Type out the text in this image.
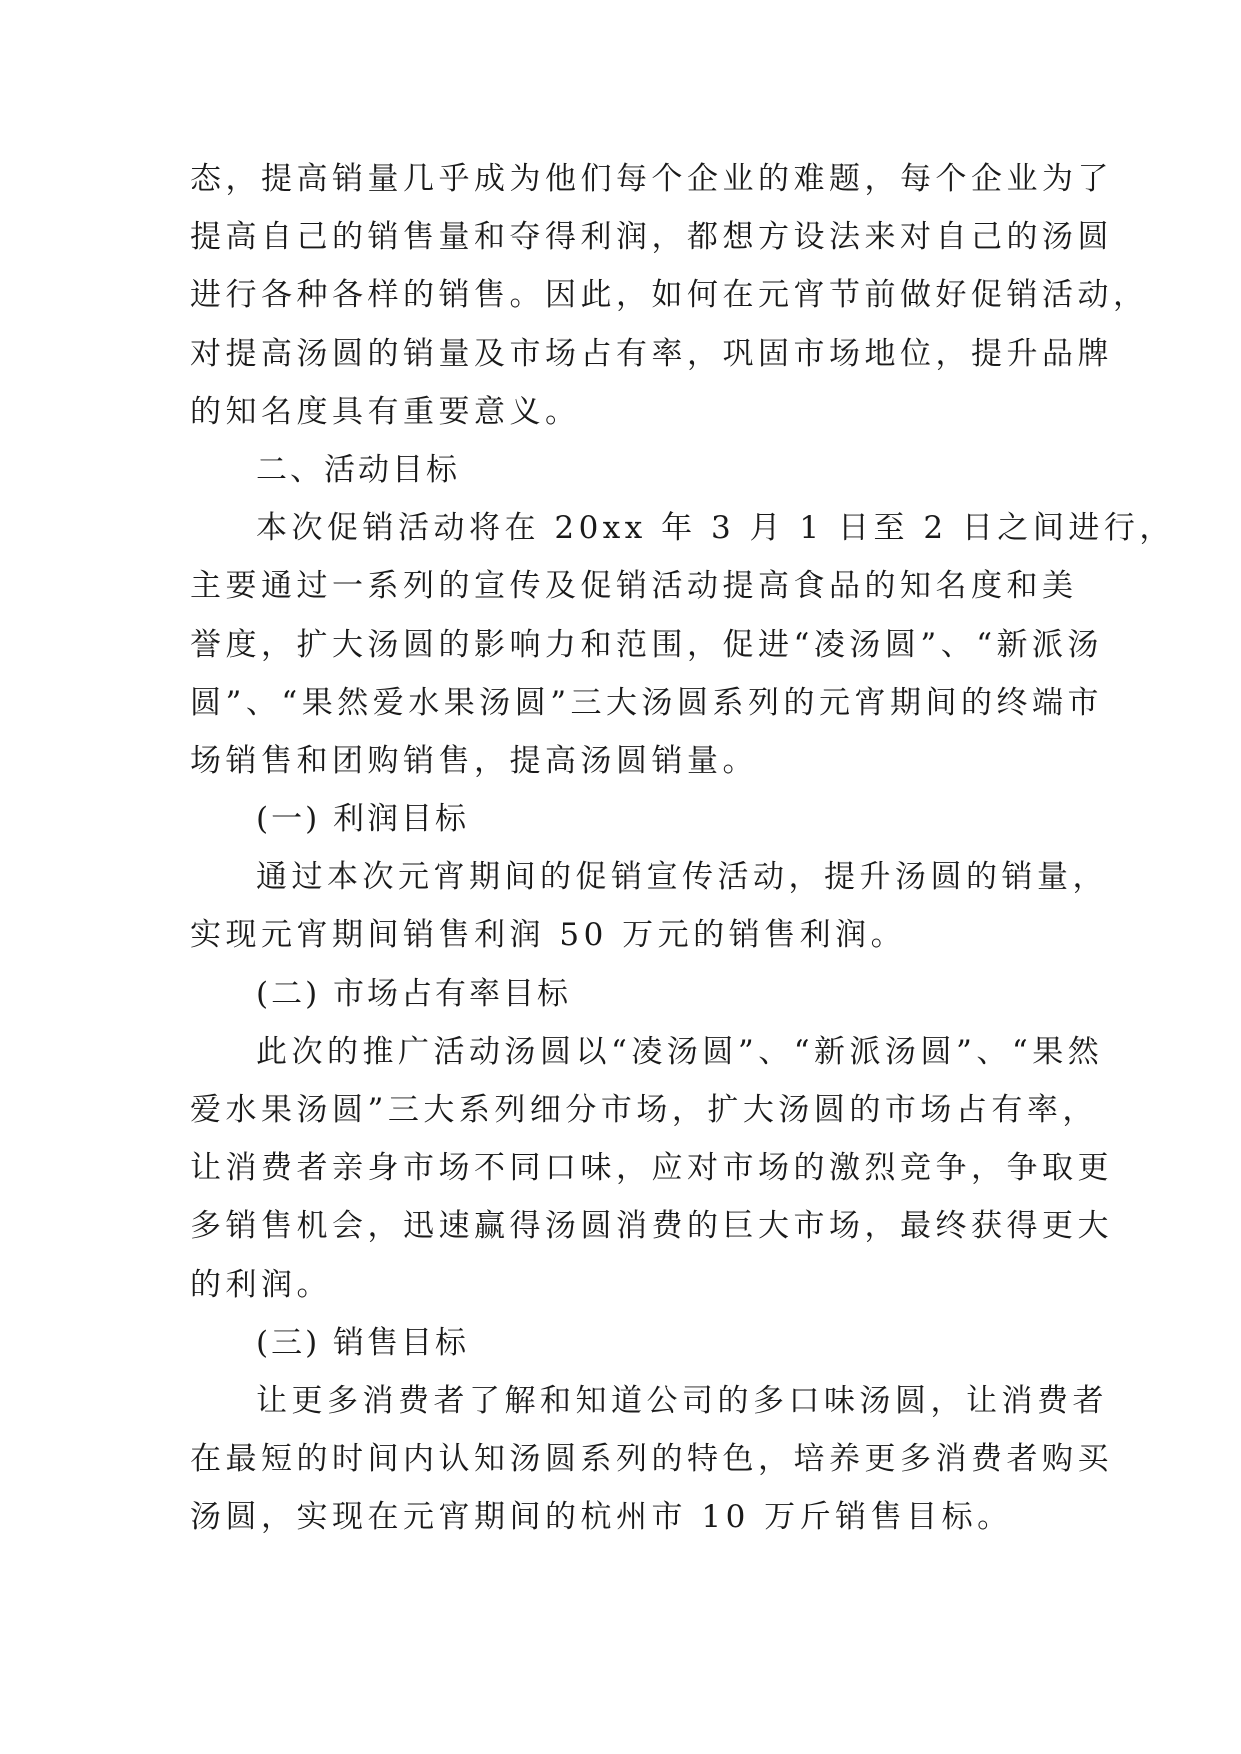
态，提高销量几乎成为他们每个企业的难题，每个企业为了
提高自己的销售量和夺得利润，都想方设法来对自己的汤圆
进行各种各样的销售。因此，如何在元宵节前做好促销活动，
对提高汤圆的销量及市场占有率，巩固市场地位，提升品牌
的知名度具有重要意义。
二、活动目标
本次促销活动将在 20xx 年 3 月 1 日至 2 日之间进行，
主要通过一系列的宣传及促销活动提高食品的知名度和美
誉度，扩大汤圆的影响力和范围，促进“凌汤圆”、“新派汤
圆”、“果然爱水果汤圆”三大汤圆系列的元宵期间的终端市
场销售和团购销售，提高汤圆销量。
(一) 利润目标
通过本次元宵期间的促销宣传活动，提升汤圆的销量，
实现元宵期间销售利润 50 万元的销售利润。
(二) 市场占有率目标
此次的推广活动汤圆以“凌汤圆”、“新派汤圆”、“果然
爱水果汤圆”三大系列细分市场，扩大汤圆的市场占有率，
让消费者亲身市场不同口味，应对市场的激烈竞争，争取更
多销售机会，迅速赢得汤圆消费的巨大市场，最终获得更大
的利润。
(三) 销售目标
让更多消费者了解和知道公司的多口味汤圆，让消费者
在最短的时间内认知汤圆系列的特色，培养更多消费者购买
汤圆，实现在元宵期间的杭州市 10 万斤销售目标。
